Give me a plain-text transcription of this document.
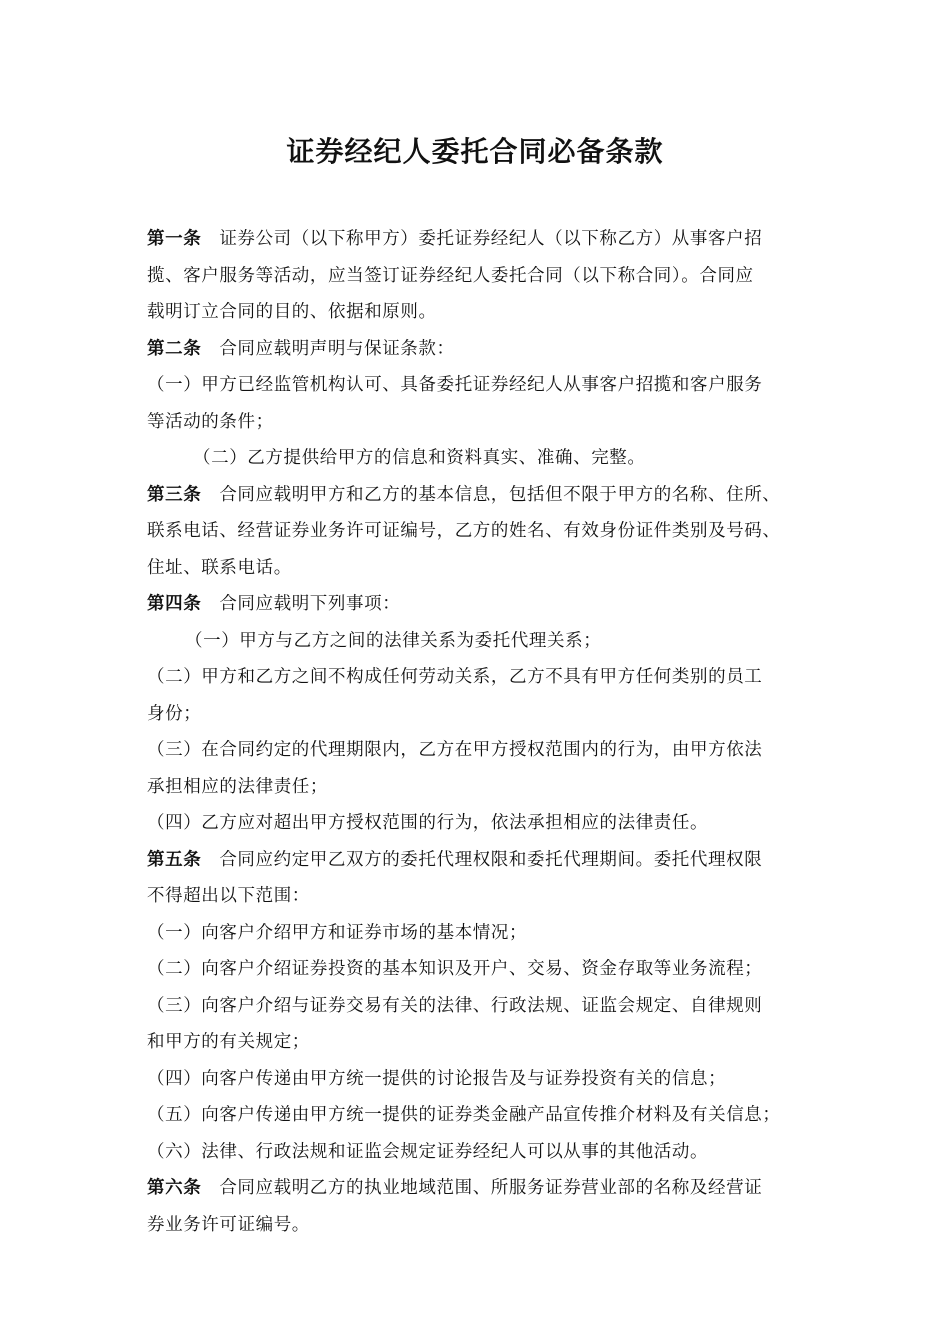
证券经纪人委托合同必备条款
第一条 证券公司（以下称甲方）委托证券经纪人（以下称乙方）从事客户招
揽、客户服务等活动，应当签订证券经纪人委托合同（以下称合同）。合同应
载明订立合同的目的、依据和原则。
第二条 合同应载明声明与保证条款：
（一）甲方已经监管机构认可、具备委托证券经纪人从事客户招揽和客户服务
等活动的条件；
（二）乙方提供给甲方的信息和资料真实、准确、完整。
第三条 合同应载明甲方和乙方的基本信息，包括但不限于甲方的名称、住所、
联系电话、经营证券业务许可证编号，乙方的姓名、有效身份证件类别及号码、
住址、联系电话。
第四条 合同应载明下列事项：
（一）甲方与乙方之间的法律关系为委托代理关系；
（二）甲方和乙方之间不构成任何劳动关系，乙方不具有甲方任何类别的员工
身份；
（三）在合同约定的代理期限内，乙方在甲方授权范围内的行为，由甲方依法
承担相应的法律责任；
（四）乙方应对超出甲方授权范围的行为，依法承担相应的法律责任。
第五条 合同应约定甲乙双方的委托代理权限和委托代理期间。委托代理权限
不得超出以下范围：
（一）向客户介绍甲方和证券市场的基本情况；
（二）向客户介绍证券投资的基本知识及开户、交易、资金存取等业务流程；
（三）向客户介绍与证券交易有关的法律、行政法规、证监会规定、自律规则
和甲方的有关规定；
（四）向客户传递由甲方统一提供的讨论报告及与证券投资有关的信息；
（五）向客户传递由甲方统一提供的证券类金融产品宣传推介材料及有关信息；
（六）法律、行政法规和证监会规定证券经纪人可以从事的其他活动。
第六条 合同应载明乙方的执业地域范围、所服务证券营业部的名称及经营证
券业务许可证编号。
